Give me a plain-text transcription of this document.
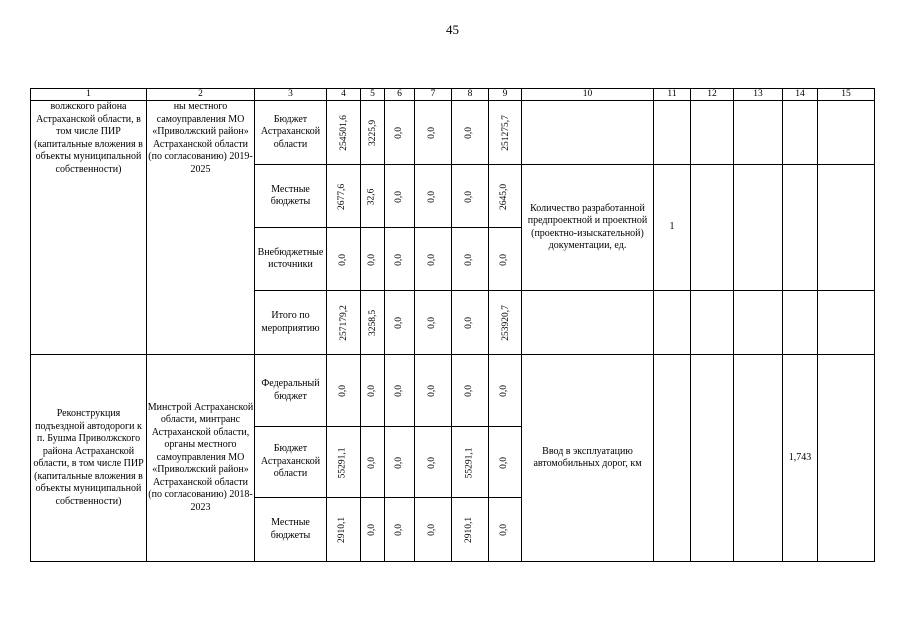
45
1	2	3	4	5	6	7	8	9	10	11	12	13	14	15
волжского района Астраханской области, в том числе ПИР (капитальные вложения в объекты муниципальной собственности)	ны местного самоуправления МО «Приволжский район» Астраханской области (по согласованию) 2019-2025	Бюджет Астраханской области	254501,6	3225,9	0,0	0,0	0,0	251275,7						
		Местные бюджеты	2677,6	32,6	0,0	0,0	0,0	2645,0	Количество разработанной предпроектной и проектной (проектно-изыскательной) документации, ед.	1				
		Внебюджетные источники	0,0	0,0	0,0	0,0	0,0	0,0						
		Итого по мероприятию	257179,2	3258,5	0,0	0,0	0,0	253920,7						
Реконструкция подъездной автодороги к п. Бушма Приволжского района Астраханской области, в том числе ПИР (капитальные вложения в объекты муниципальной собственности)	Минстрой Астраханской области, минтранс Астраханской области, органы местного самоуправления МО «Приволжский район» Астраханской области (по согласованию) 2018-2023	Федеральный бюджет	0,0	0,0	0,0	0,0	0,0	0,0	Ввод в эксплуатацию автомобильных дорог, км				1,743	
		Бюджет Астраханской области	55291,1	0,0	0,0	0,0	55291,1	0,0						
		Местные бюджеты	2910,1	0,0	0,0	0,0	2910,1	0,0						
